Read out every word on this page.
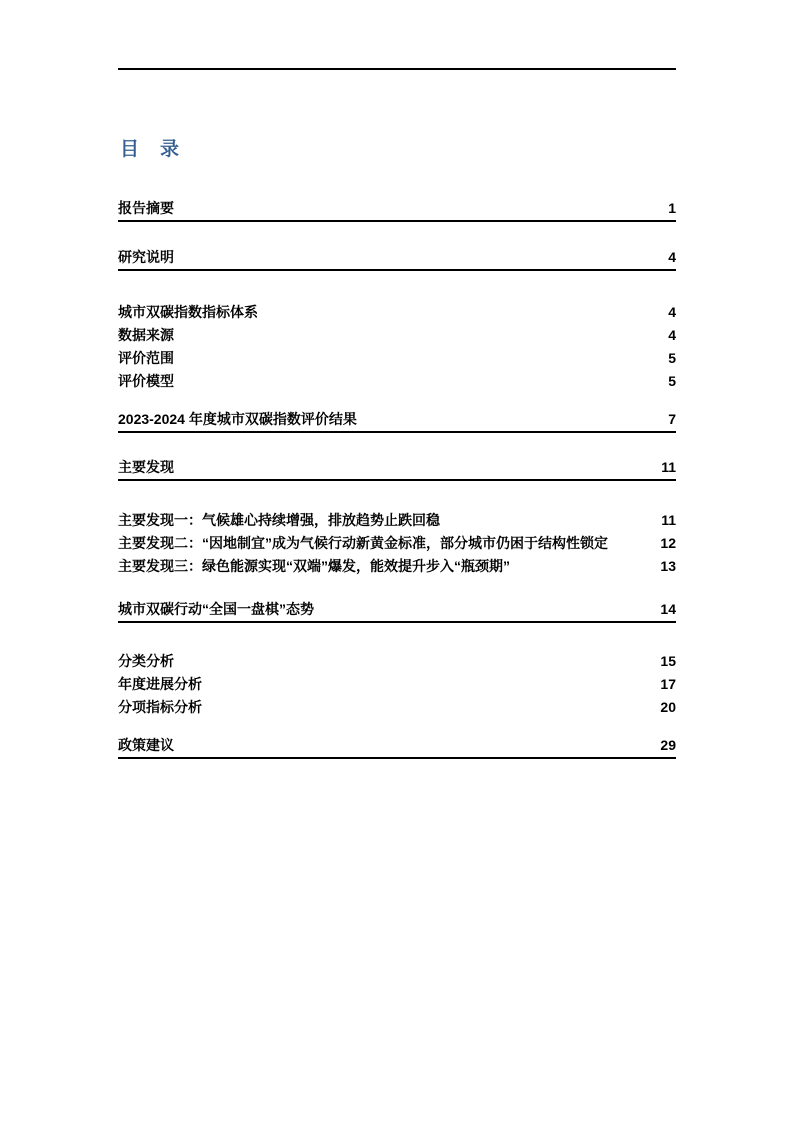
目　录
报告摘要	1
研究说明	4
城市双碳指数指标体系	4
数据来源	4
评价范围	5
评价模型	5
2023-2024 年度城市双碳指数评价结果	7
主要发现	11
主要发现一：气候雄心持续增强，排放趋势止跌回稳	11
主要发现二：“因地制宜”成为气候行动新黄金标准，部分城市仍困于结构性锁定	12
主要发现三：绿色能源实现“双端”爆发，能效提升步入“瓶颈期”	13
城市双碳行动“全国一盘棋”态势	14
分类分析	15
年度进展分析	17
分项指标分析	20
政策建议	29
